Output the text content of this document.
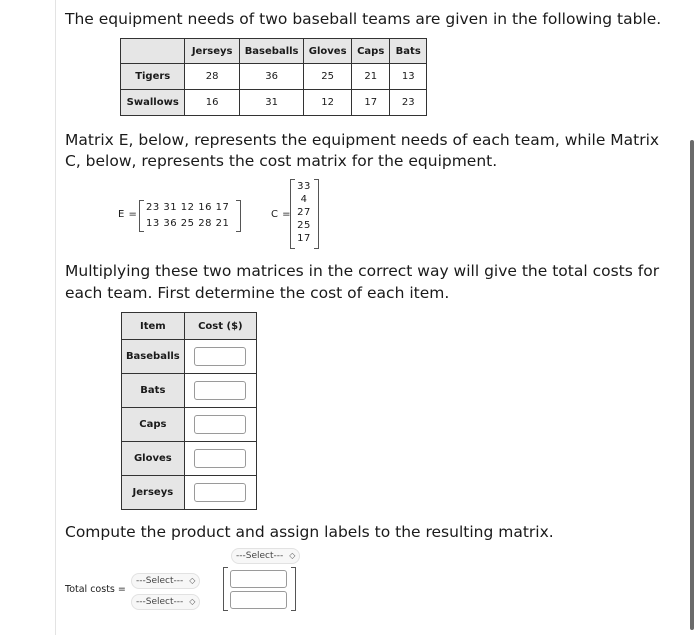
The equipment needs of two baseball teams are given in the following table.
	Jerseys	Baseballs	Gloves	Caps	Bats
Tigers	28	36	25	21	13
Swallows	16	31	12	17	23
Matrix E, below, represents the equipment needs of each team, while Matrix
C, below, represents the cost matrix for the equipment.
E =
23 31 12 16 17
13 36 25 28 21
C =
33
4
27
25
17
Multiplying these two matrices in the correct way will give the total costs for
each team. First determine the cost of each item.
Item	Cost ($)
Baseballs	

Bats	

Caps	

Gloves	

Jerseys	
Compute the product and assign labels to the resulting matrix.
---Select--- ◇
Total costs =
---Select--- ◇
---Select--- ◇
